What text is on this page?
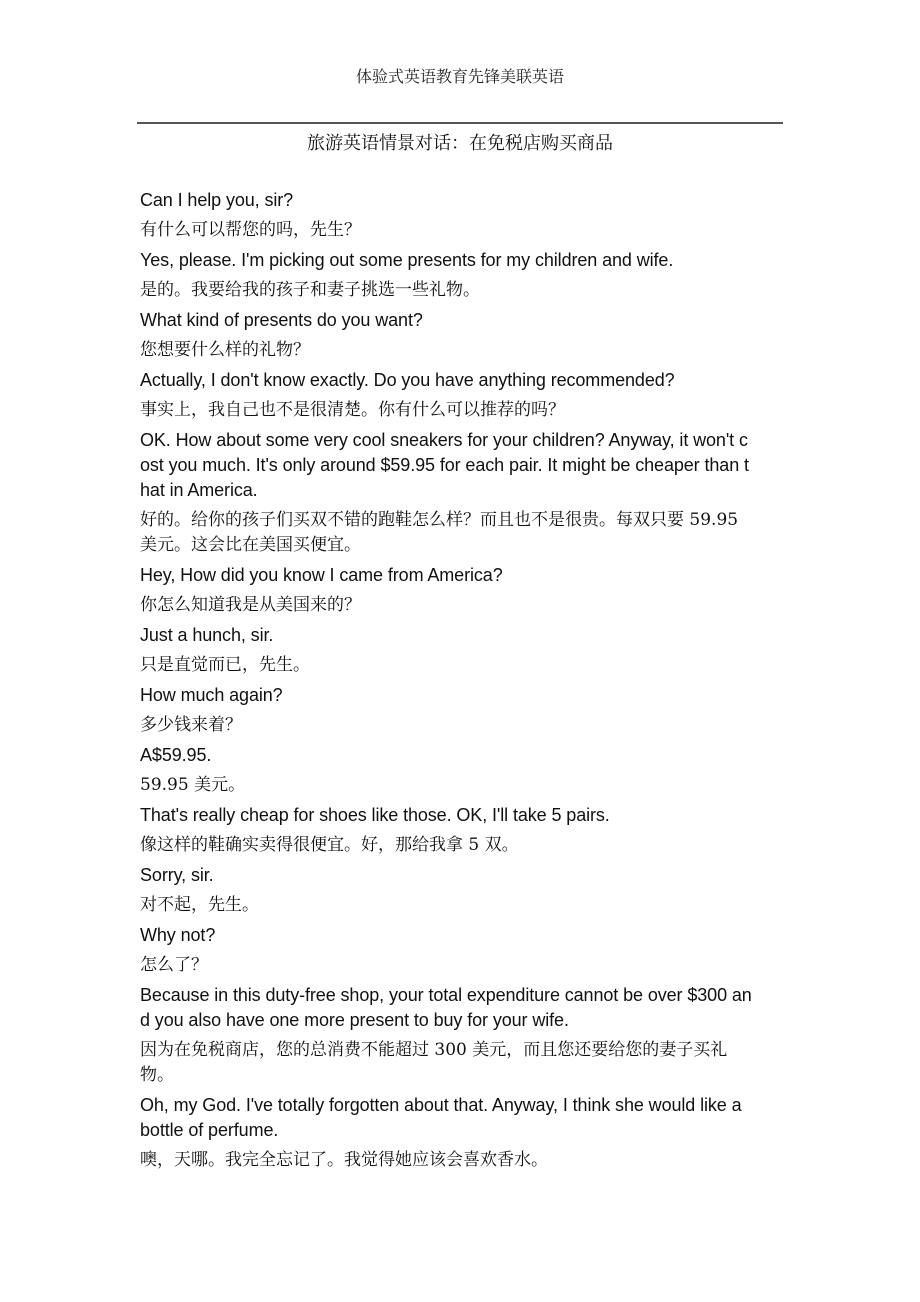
体验式英语教育先锋美联英语
旅游英语情景对话：在免税店购买商品
Can I help you, sir?
有什么可以帮您的吗，先生？
Yes, please. I'm picking out some presents for my children and wife.
是的。我要给我的孩子和妻子挑选一些礼物。
What kind of presents do you want?
您想要什么样的礼物？
Actually, I don't know exactly. Do you have anything recommended?
事实上，我自己也不是很清楚。你有什么可以推荐的吗？
OK. How about some very cool sneakers for your children? Anyway, it won't c
ost you much. It's only around $59.95 for each pair. It might be cheaper than t
hat in America.
好的。给你的孩子们买双不错的跑鞋怎么样？而且也不是很贵。每双只要 59.95
美元。这会比在美国买便宜。
Hey, How did you know I came from America?
你怎么知道我是从美国来的？
Just a hunch, sir.
只是直觉而已，先生。
How much again?
多少钱来着？
A$59.95.
59.95 美元。
That's really cheap for shoes like those. OK, I'll take 5 pairs.
像这样的鞋确实卖得很便宜。好，那给我拿 5 双。
Sorry, sir.
对不起，先生。
Why not?
怎么了？
Because in this duty-free shop, your total expenditure cannot be over $300 an
d you also have one more present to buy for your wife.
因为在免税商店，您的总消费不能超过 300 美元，而且您还要给您的妻子买礼
物。
Oh, my God. I've totally forgotten about that. Anyway, I think she would like a
bottle of perfume.
噢，天哪。我完全忘记了。我觉得她应该会喜欢香水。
